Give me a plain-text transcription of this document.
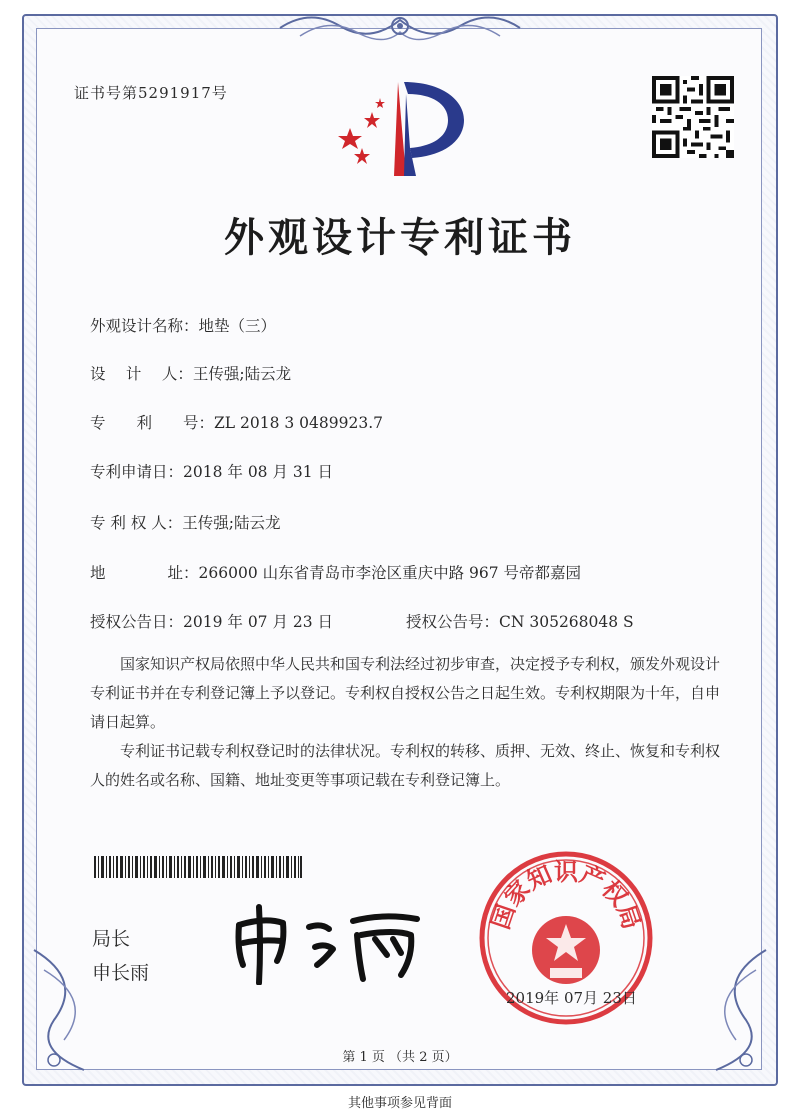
证书号第5291917号
外观设计专利证书
外观设计名称：地垫（三）
设　 计　 人：王传强;陆云龙
专　　利　　号：ZL 2018 3 0489923.7
专利申请日：2018 年 08 月 31 日
专 利 权 人：王传强;陆云龙
地　　　　址：266000 山东省青岛市李沧区重庆中路 967 号帝都嘉园
授权公告日：2019 年 07 月 23 日	授权公告号：CN 305268048 S

国家知识产权局依照中华人民共和国专利法经过初步审查，决定授予专利权，颁发外观设计专利证书并在专利登记簿上予以登记。专利权自授权公告之日起生效。专利权期限为十年，自申请日起算。

专利证书记载专利权登记时的法律状况。专利权的转移、质押、无效、终止、恢复和专利权人的姓名或名称、国籍、地址变更等事项记载在专利登记簿上。

局长
申长雨
国家知识产权局
2019年 07月 23日
第 1 页 （共 2 页）
其他事项参见背面
